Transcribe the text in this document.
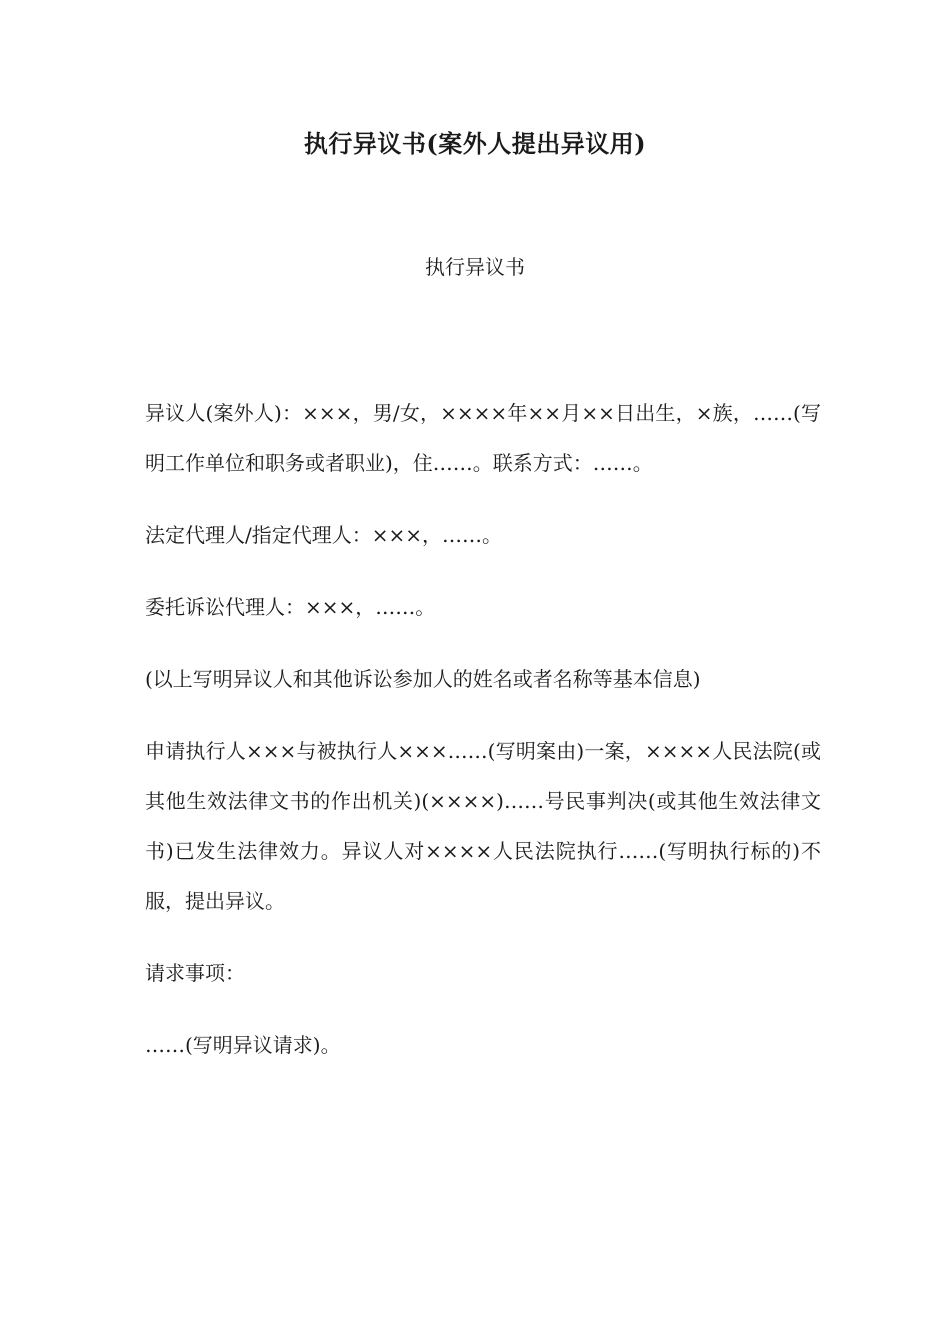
执行异议书(案外人提出异议用)
执行异议书

异议人(案外人)：×××，男/女，××××年××月××日出生，×族，……(写明工作单位和职务或者职业)，住……。联系方式：……。

法定代理人/指定代理人：×××，……。

委托诉讼代理人：×××，……。

(以上写明异议人和其他诉讼参加人的姓名或者名称等基本信息)

申请执行人×××与被执行人×××……(写明案由)一案，××××人民法院(或其他生效法律文书的作出机关)(××××)……号民事判决(或其他生效法律文书)已发生法律效力。异议人对××××人民法院执行……(写明执行标的)不服，提出异议。

请求事项：

……(写明异议请求)。
